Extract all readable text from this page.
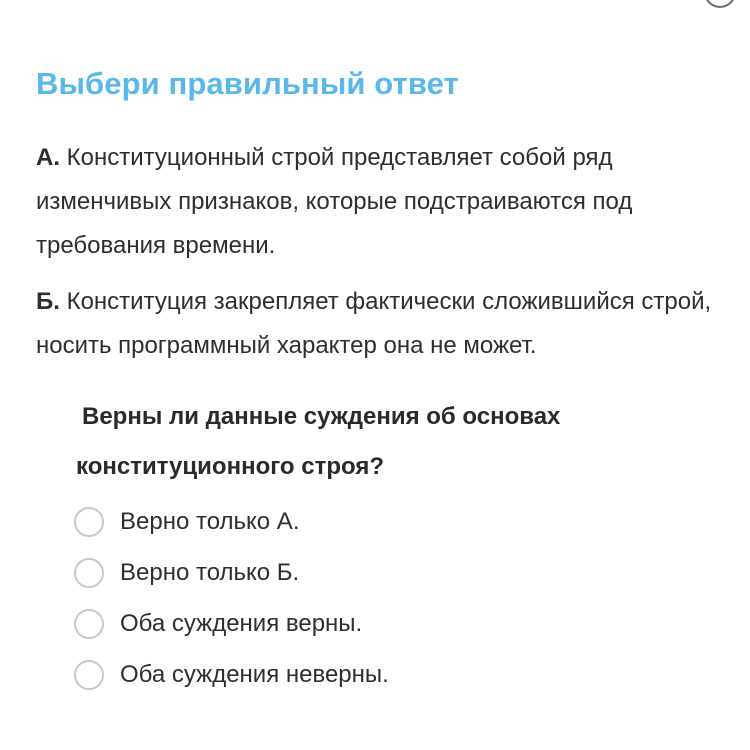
Выбери правильный ответ
А. Конституционный строй представляет собой ряд изменчивых признаков, которые подстраиваются под требования времени.
Б. Конституция закрепляет фактически сложившийся строй, носить программный характер она не может.
Верны ли данные суждения об основах
конституционного строя?
Верно только А.
Верно только Б.
Оба суждения верны.
Оба суждения неверны.
